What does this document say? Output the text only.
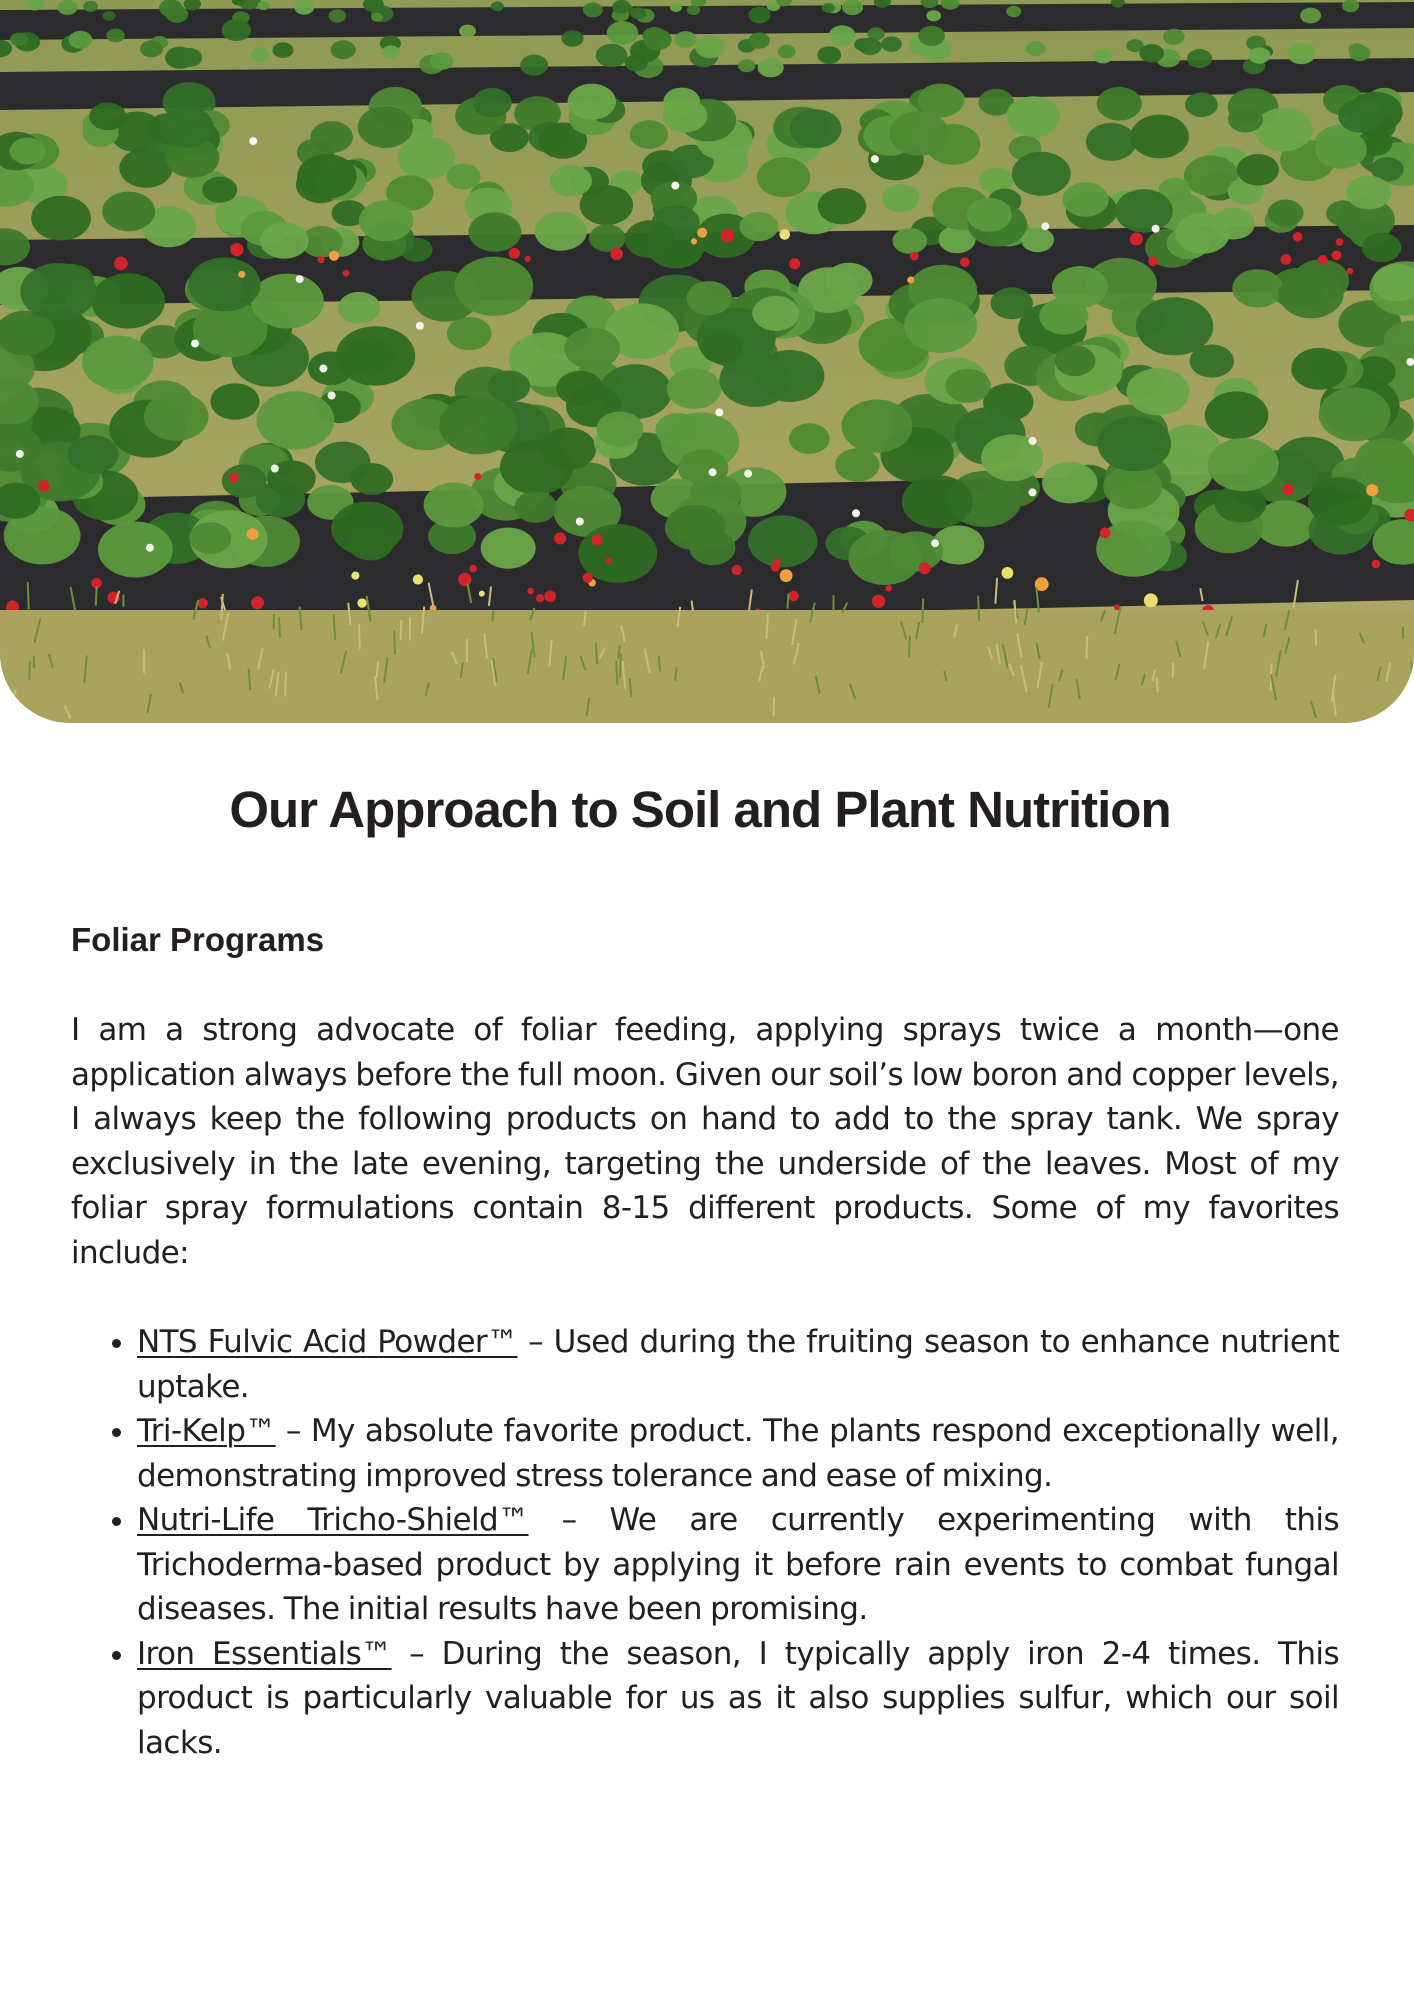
Our Approach to Soil and Plant Nutrition
Foliar Programs

I am a strong advocate of foliar feeding, applying sprays twice a month—one application always before the full moon. Given our soil’s low boron and copper levels, I always keep the following products on hand to add to the spray tank. We spray exclusively in the late evening, targeting the underside of the leaves. Most of my foliar spray formulations contain 8-15 different products. Some of my favorites include:

• NTS Fulvic Acid Powder™ – Used during the fruiting season to enhance nutrient uptake.
• Tri-Kelp™ – My absolute favorite product. The plants respond exceptionally well, demonstrating improved stress tolerance and ease of mixing.
• Nutri-Life Tricho-Shield™ – We are currently experimenting with this Trichoderma-based product by applying it before rain events to combat fungal diseases. The initial results have been promising.
• Iron Essentials™ – During the season, I typically apply iron 2-4 times. This product is particularly valuable for us as it also supplies sulfur, which our soil lacks.
